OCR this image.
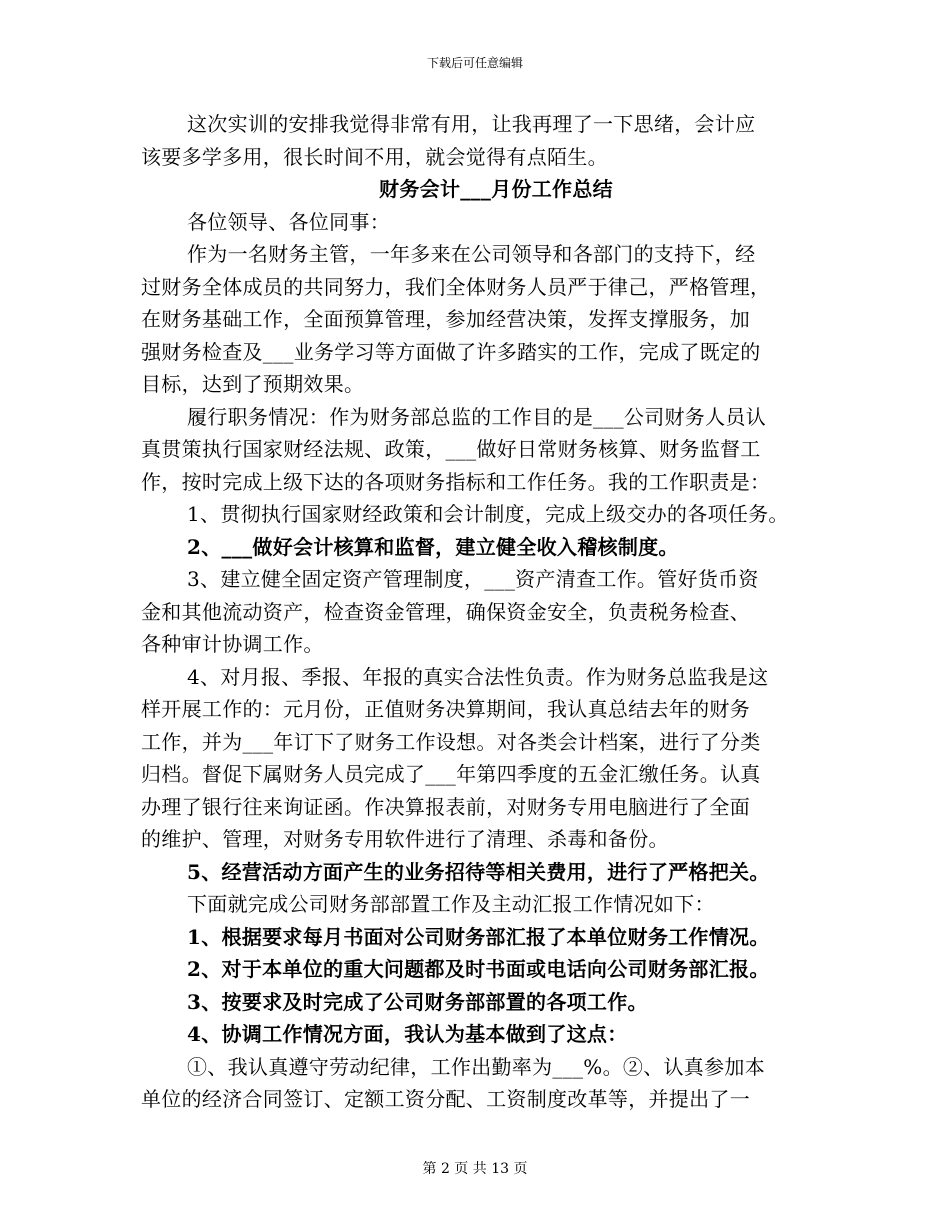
下载后可任意编辑
这次实训的安排我觉得非常有用，让我再理了一下思绪，会计应
该要多学多用，很长时间不用，就会觉得有点陌生。
财务会计___月份工作总结
各位领导、各位同事：
作为一名财务主管，一年多来在公司领导和各部门的支持下，经
过财务全体成员的共同努力，我们全体财务人员严于律己，严格管理，
在财务基础工作，全面预算管理，参加经营决策，发挥支撑服务，加
强财务检查及___业务学习等方面做了许多踏实的工作，完成了既定的
目标，达到了预期效果。
履行职务情况：作为财务部总监的工作目的是___公司财务人员认
真贯策执行国家财经法规、政策，___做好日常财务核算、财务监督工
作，按时完成上级下达的各项财务指标和工作任务。我的工作职责是：
1、贯彻执行国家财经政策和会计制度，完成上级交办的各项任务。
2、___做好会计核算和监督，建立健全收入稽核制度。
3、建立健全固定资产管理制度，___资产清查工作。管好货币资
金和其他流动资产，检查资金管理，确保资金安全，负责税务检查、
各种审计协调工作。
4、对月报、季报、年报的真实合法性负责。作为财务总监我是这
样开展工作的：元月份，正值财务决算期间，我认真总结去年的财务
工作，并为___年订下了财务工作设想。对各类会计档案，进行了分类
归档。督促下属财务人员完成了___年第四季度的五金汇缴任务。认真
办理了银行往来询证函。作决算报表前，对财务专用电脑进行了全面
的维护、管理，对财务专用软件进行了清理、杀毒和备份。
5、经营活动方面产生的业务招待等相关费用，进行了严格把关。
下面就完成公司财务部部置工作及主动汇报工作情况如下：
1、根据要求每月书面对公司财务部汇报了本单位财务工作情况。
2、对于本单位的重大问题都及时书面或电话向公司财务部汇报。
3、按要求及时完成了公司财务部部置的各项工作。
4、协调工作情况方面，我认为基本做到了这点：
①、我认真遵守劳动纪律，工作出勤率为___%。②、认真参加本
单位的经济合同签订、定额工资分配、工资制度改革等，并提出了一
第 2 页 共 13 页
